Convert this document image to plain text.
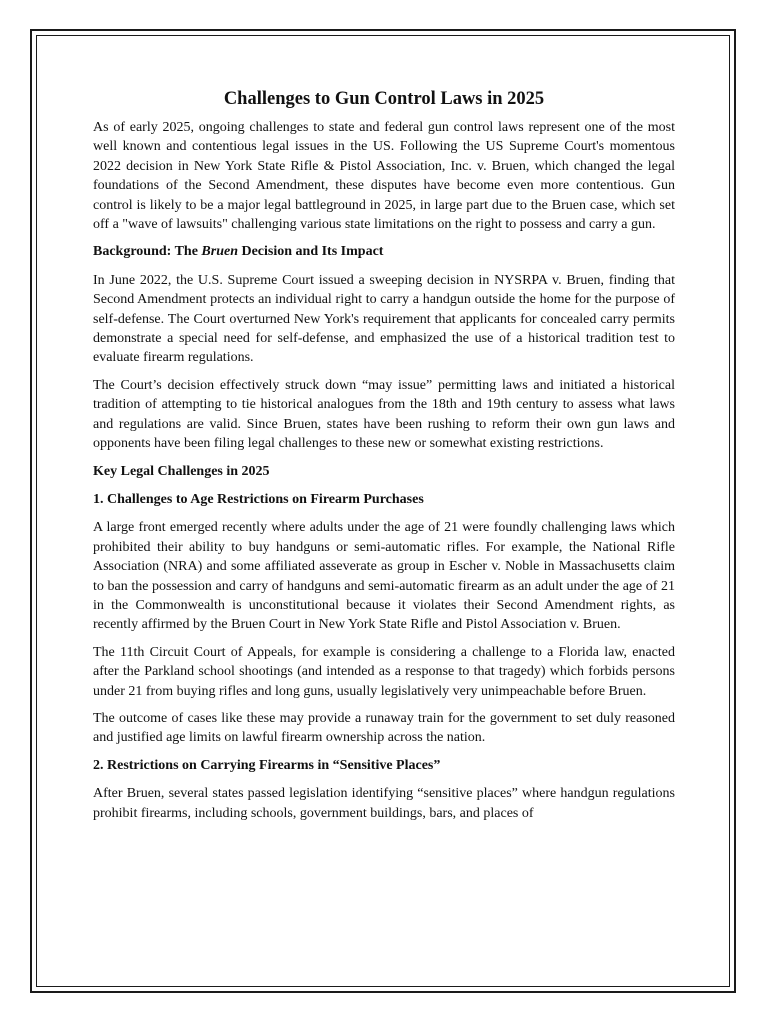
Challenges to Gun Control Laws in 2025

As of early 2025, ongoing challenges to state and federal gun control laws represent one of the most well known and contentious legal issues in the US. Following the US Supreme Court's momentous 2022 decision in New York State Rifle & Pistol Association, Inc. v. Bruen, which changed the legal foundations of the Second Amendment, these disputes have become even more contentious. Gun control is likely to be a major legal battleground in 2025, in large part due to the Bruen case, which set off a "wave of lawsuits" challenging various state limitations on the right to possess and carry a gun.

Background: The Bruen Decision and Its Impact

In June 2022, the U.S. Supreme Court issued a sweeping decision in NYSRPA v. Bruen, finding that Second Amendment protects an individual right to carry a handgun outside the home for the purpose of self-defense. The Court overturned New York's requirement that applicants for concealed carry permits demonstrate a special need for self-defense, and emphasized the use of a historical tradition test to evaluate firearm regulations.

The Court’s decision effectively struck down “may issue” permitting laws and initiated a historical tradition of attempting to tie historical analogues from the 18th and 19th century to assess what laws and regulations are valid. Since Bruen, states have been rushing to reform their own gun laws and opponents have been filing legal challenges to these new or somewhat existing restrictions.

Key Legal Challenges in 2025

1. Challenges to Age Restrictions on Firearm Purchases

A large front emerged recently where adults under the age of 21 were foundly challenging laws which prohibited their ability to buy handguns or semi-automatic rifles. For example, the National Rifle Association (NRA) and some affiliated asseverate as group in Escher v. Noble in Massachusetts claim to ban the possession and carry of handguns and semi-automatic firearm as an adult under the age of 21 in the Commonwealth is unconstitutional because it violates their Second Amendment rights, as recently affirmed by the Bruen Court in New York State Rifle and Pistol Association v. Bruen.

The 11th Circuit Court of Appeals, for example is considering a challenge to a Florida law, enacted after the Parkland school shootings (and intended as a response to that tragedy) which forbids persons under 21 from buying rifles and long guns, usually legislatively very unimpeachable before Bruen.

The outcome of cases like these may provide a runaway train for the government to set duly reasoned and justified age limits on lawful firearm ownership across the nation.

2. Restrictions on Carrying Firearms in “Sensitive Places”

After Bruen, several states passed legislation identifying “sensitive places” where handgun regulations prohibit firearms, including schools, government buildings, bars, and places of
